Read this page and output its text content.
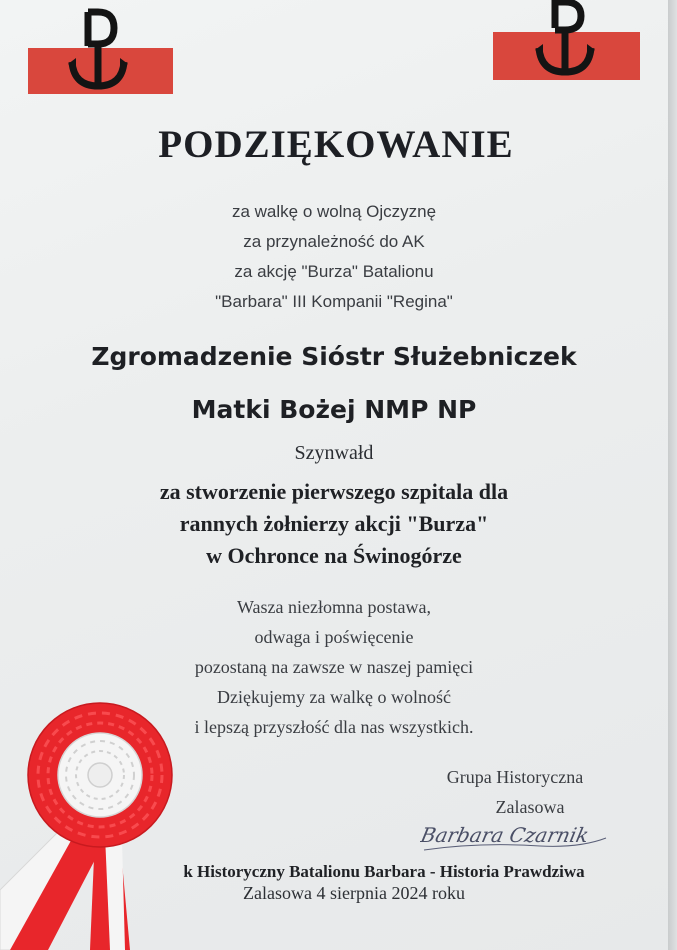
PODZIĘKOWANIE
za walkę o wolną Ojczyznę
za przynależność do AK
za akcję "Burza" Batalionu
"Barbara" III Kompanii "Regina"
Zgromadzenie Sióstr Służebniczek
Matki Bożej NMP NP
Szynwałd
za stworzenie pierwszego szpitala dla
rannych żołnierzy akcji "Burza"
w Ochronce na Świnogórze
Wasza niezłomna postawa,
odwaga i poświęcenie
pozostaną na zawsze w naszej pamięci
Dziękujemy za walkę o wolność
i lepszą przyszłość dla nas wszystkich.
Grupa Historyczna
Zalasowa
Barbara Czarnik
k Historyczny Batalionu Barbara - Historia Prawdziwa
Zalasowa 4 sierpnia 2024 roku
